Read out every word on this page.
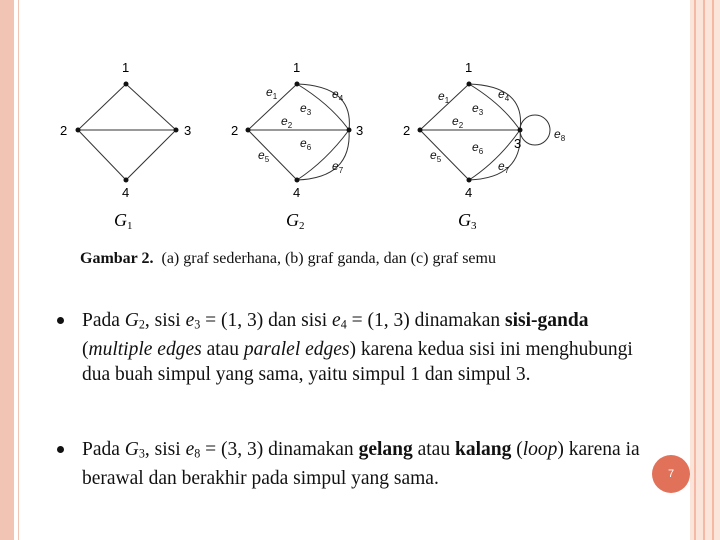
1
2	3
4
G1
1
2	3
4
$e_1$
$e_2$
$e_3$
$e_4$
$e_5$
$e_6$
$e_7$
G2
1
2
3
4
$e_1$
$e_2$
$e_3$
$e_4$
$e_5$
$e_6$
$e_7$
$e_8$
G3
Gambar 2. (a) graf sederhana, (b) graf ganda, dan (c) graf semu
Pada $G_2$, sisi $e_3 = (1$, 3) dan sisi $e_4 = (1$, 3) dinamakan sisi-ganda (multiple edges atau paralel edges) karena kedua sisi ini menghubungi dua buah simpul yang sama, yaitu simpul 1 dan simpul 3.
Pada $G_3$, sisi $e_8 = (3$, 3) dinamakan gelang atau kalang (loop) karena ia berawal dan berakhir pada simpul yang sama.	7
